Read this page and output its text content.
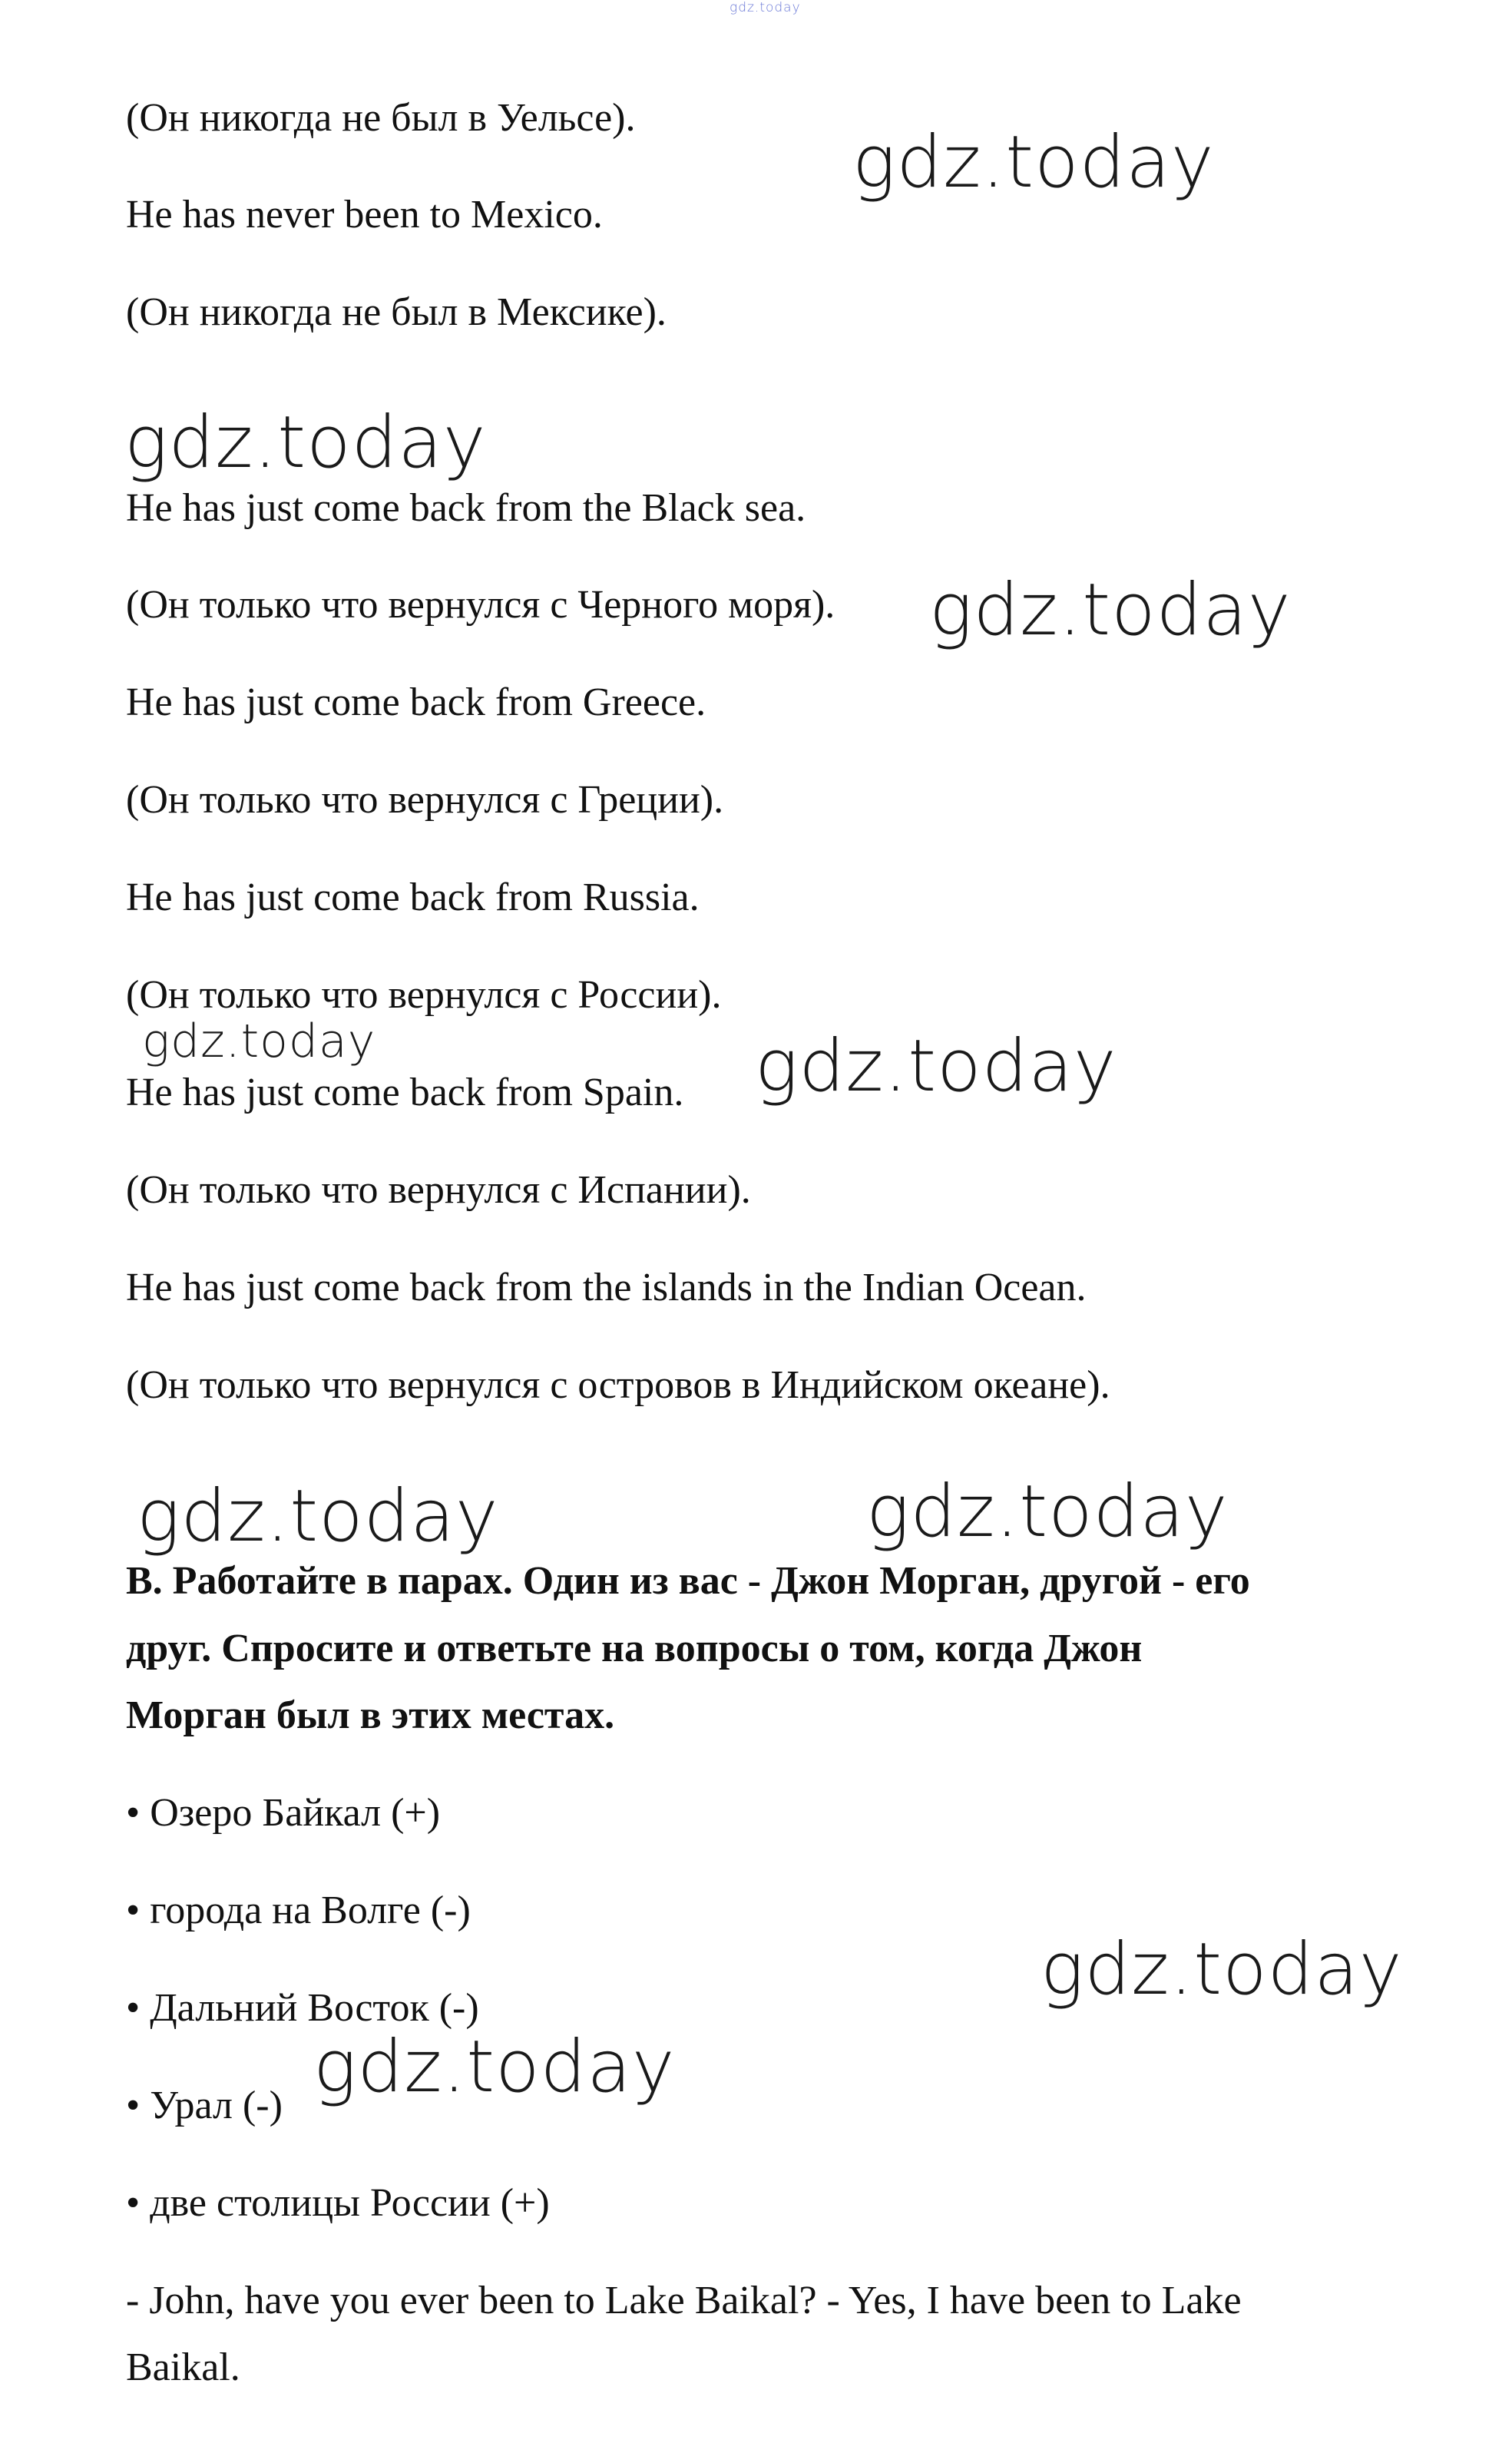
gdz.today
(Он никогда не был в Уельсе).
He has never been to Mexico.
(Он никогда не был в Мексике).
He has just come back from the Black sea.
(Он только что вернулся с Черного моря).
He has just come back from Greece.
(Он только что вернулся с Греции).
He has just come back from Russia.
(Он только что вернулся с России).
He has just come back from Spain.
(Он только что вернулся с Испании).
He has just come back from the islands in the Indian Ocean.
(Он только что вернулся с островов в Индийском океане).
B. Работайте в парах. Один из вас - Джон Морган, другой - его
друг. Спросите и ответьте на вопросы о том, когда Джон
Морган был в этих местах.
• Озеро Байкал (+)
• города на Волге (-)
• Дальний Восток (-)
• Урал (-)
• две столицы России (+)
- John, have you ever been to Lake Baikal? - Yes, I have been to Lake
Baikal.
gdz.today
gdz.today
gdz.today
gdz.today	gdz.today
gdz.today	gdz.today
gdz.today
gdz.today
